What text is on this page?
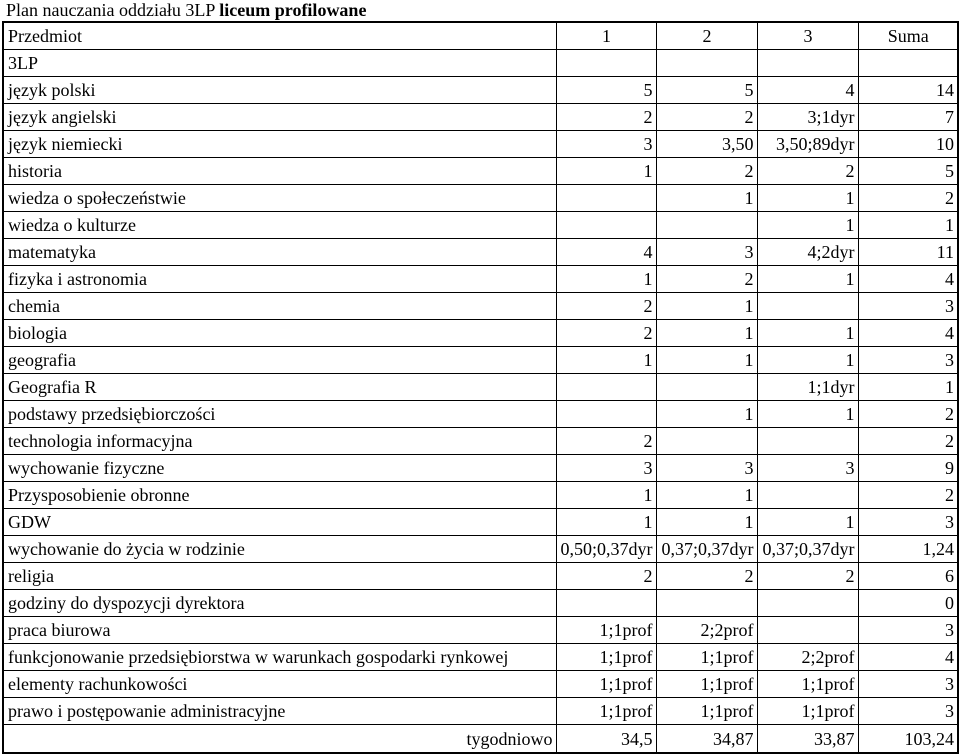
Plan nauczania oddziału 3LP liceum profilowane
Przedmiot	1	2	3	Suma
3LP				
język polski	5	5	4	14
język angielski	2	2	3;1dyr	7
język niemiecki	3	3,50	3,50;89dyr	10
historia	1	2	2	5
wiedza o społeczeństwie		1	1	2
wiedza o kulturze			1	1
matematyka	4	3	4;2dyr	11
fizyka i astronomia	1	2	1	4
chemia	2	1		3
biologia	2	1	1	4
geografia	1	1	1	3
Geografia R			1;1dyr	1
podstawy przedsiębiorczości		1	1	2
technologia informacyjna	2			2
wychowanie fizyczne	3	3	3	9
Przysposobienie obronne	1	1		2
GDW	1	1	1	3
wychowanie do życia w rodzinie	0,50;0,37dyr	0,37;0,37dyr	0,37;0,37dyr	1,24
religia	2	2	2	6
godziny do dyspozycji dyrektora				0
praca biurowa	1;1prof	2;2prof		3
funkcjonowanie przedsiębiorstwa w warunkach gospodarki rynkowej	1;1prof	1;1prof	2;2prof	4
elementy rachunkowości	1;1prof	1;1prof	1;1prof	3
prawo i postępowanie administracyjne	1;1prof	1;1prof	1;1prof	3
tygodniowo	34,5	34,87	33,87	103,24
